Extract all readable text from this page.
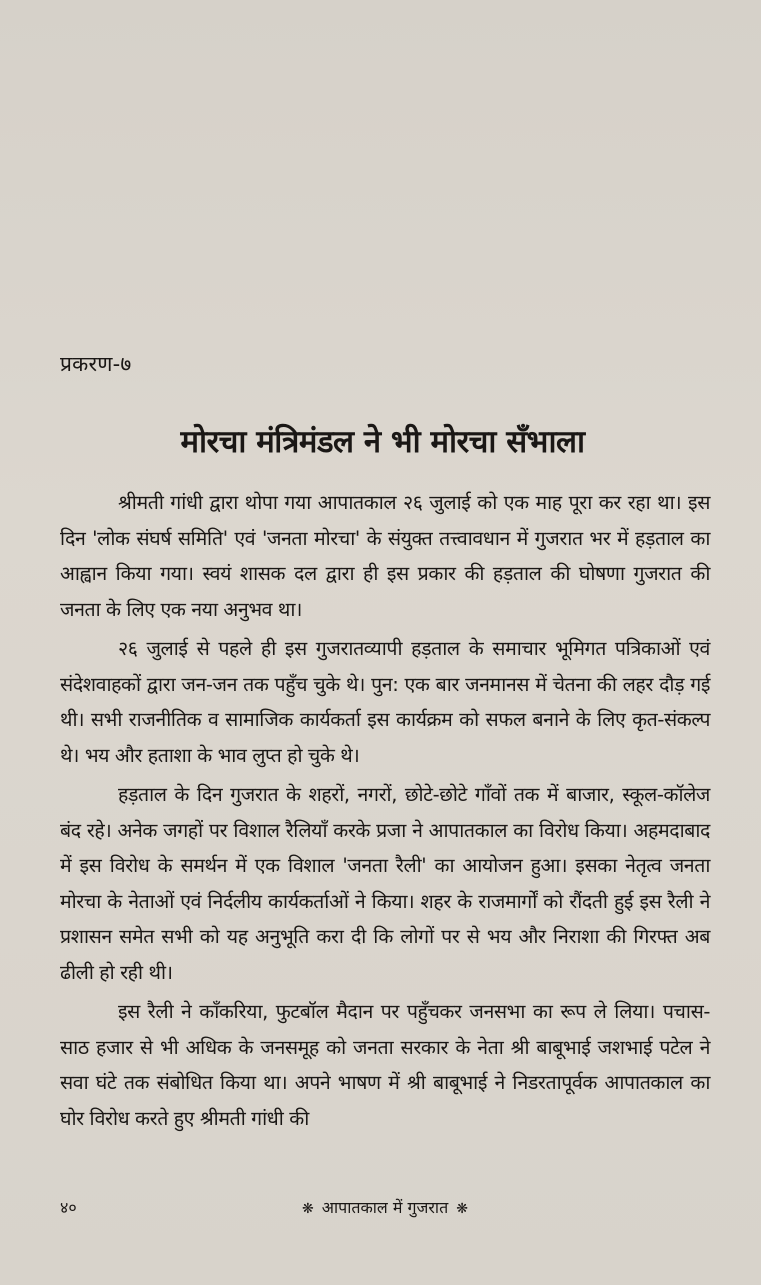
प्रकरण-७
मोरचा मंत्रिमंडल ने भी मोरचा सँभाला

श्रीमती गांधी द्वारा थोपा गया आपातकाल २६ जुलाई को एक माह पूरा कर रहा था। इस दिन 'लोक संघर्ष समिति' एवं 'जनता मोरचा' के संयुक्त तत्त्वावधान में गुजरात भर में हड़ताल का आह्वान किया गया। स्वयं शासक दल द्वारा ही इस प्रकार की हड़ताल की घोषणा गुजरात की जनता के लिए एक नया अनुभव था।

२६ जुलाई से पहले ही इस गुजरातव्यापी हड़ताल के समाचार भूमिगत पत्रिकाओं एवं संदेशवाहकों द्वारा जन-जन तक पहुँच चुके थे। पुन: एक बार जनमानस में चेतना की लहर दौड़ गई थी। सभी राजनीतिक व सामाजिक कार्यकर्ता इस कार्यक्रम को सफल बनाने के लिए कृत-संकल्प थे। भय और हताशा के भाव लुप्त हो चुके थे।

हड़ताल के दिन गुजरात के शहरों, नगरों, छोटे-छोटे गाँवों तक में बाजार, स्कूल-कॉलेज बंद रहे। अनेक जगहों पर विशाल रैलियाँ करके प्रजा ने आपातकाल का विरोध किया। अहमदाबाद में इस विरोध के समर्थन में एक विशाल 'जनता रैली' का आयोजन हुआ। इसका नेतृत्व जनता मोरचा के नेताओं एवं निर्दलीय कार्यकर्ताओं ने किया। शहर के राजमार्गों को रौंदती हुई इस रैली ने प्रशासन समेत सभी को यह अनुभूति करा दी कि लोगों पर से भय और निराशा की गिरफ्त अब ढीली हो रही थी।

इस रैली ने काँकरिया, फुटबॉल मैदान पर पहुँचकर जनसभा का रूप ले लिया। पचास-साठ हजार से भी अधिक के जनसमूह को जनता सरकार के नेता श्री बाबूभाई जशभाई पटेल ने सवा घंटे तक संबोधित किया था। अपने भाषण में श्री बाबूभाई ने निडरतापूर्वक आपातकाल का घोर विरोध करते हुए श्रीमती गांधी की

४०	❋ आपातकाल में गुजरात ❋
